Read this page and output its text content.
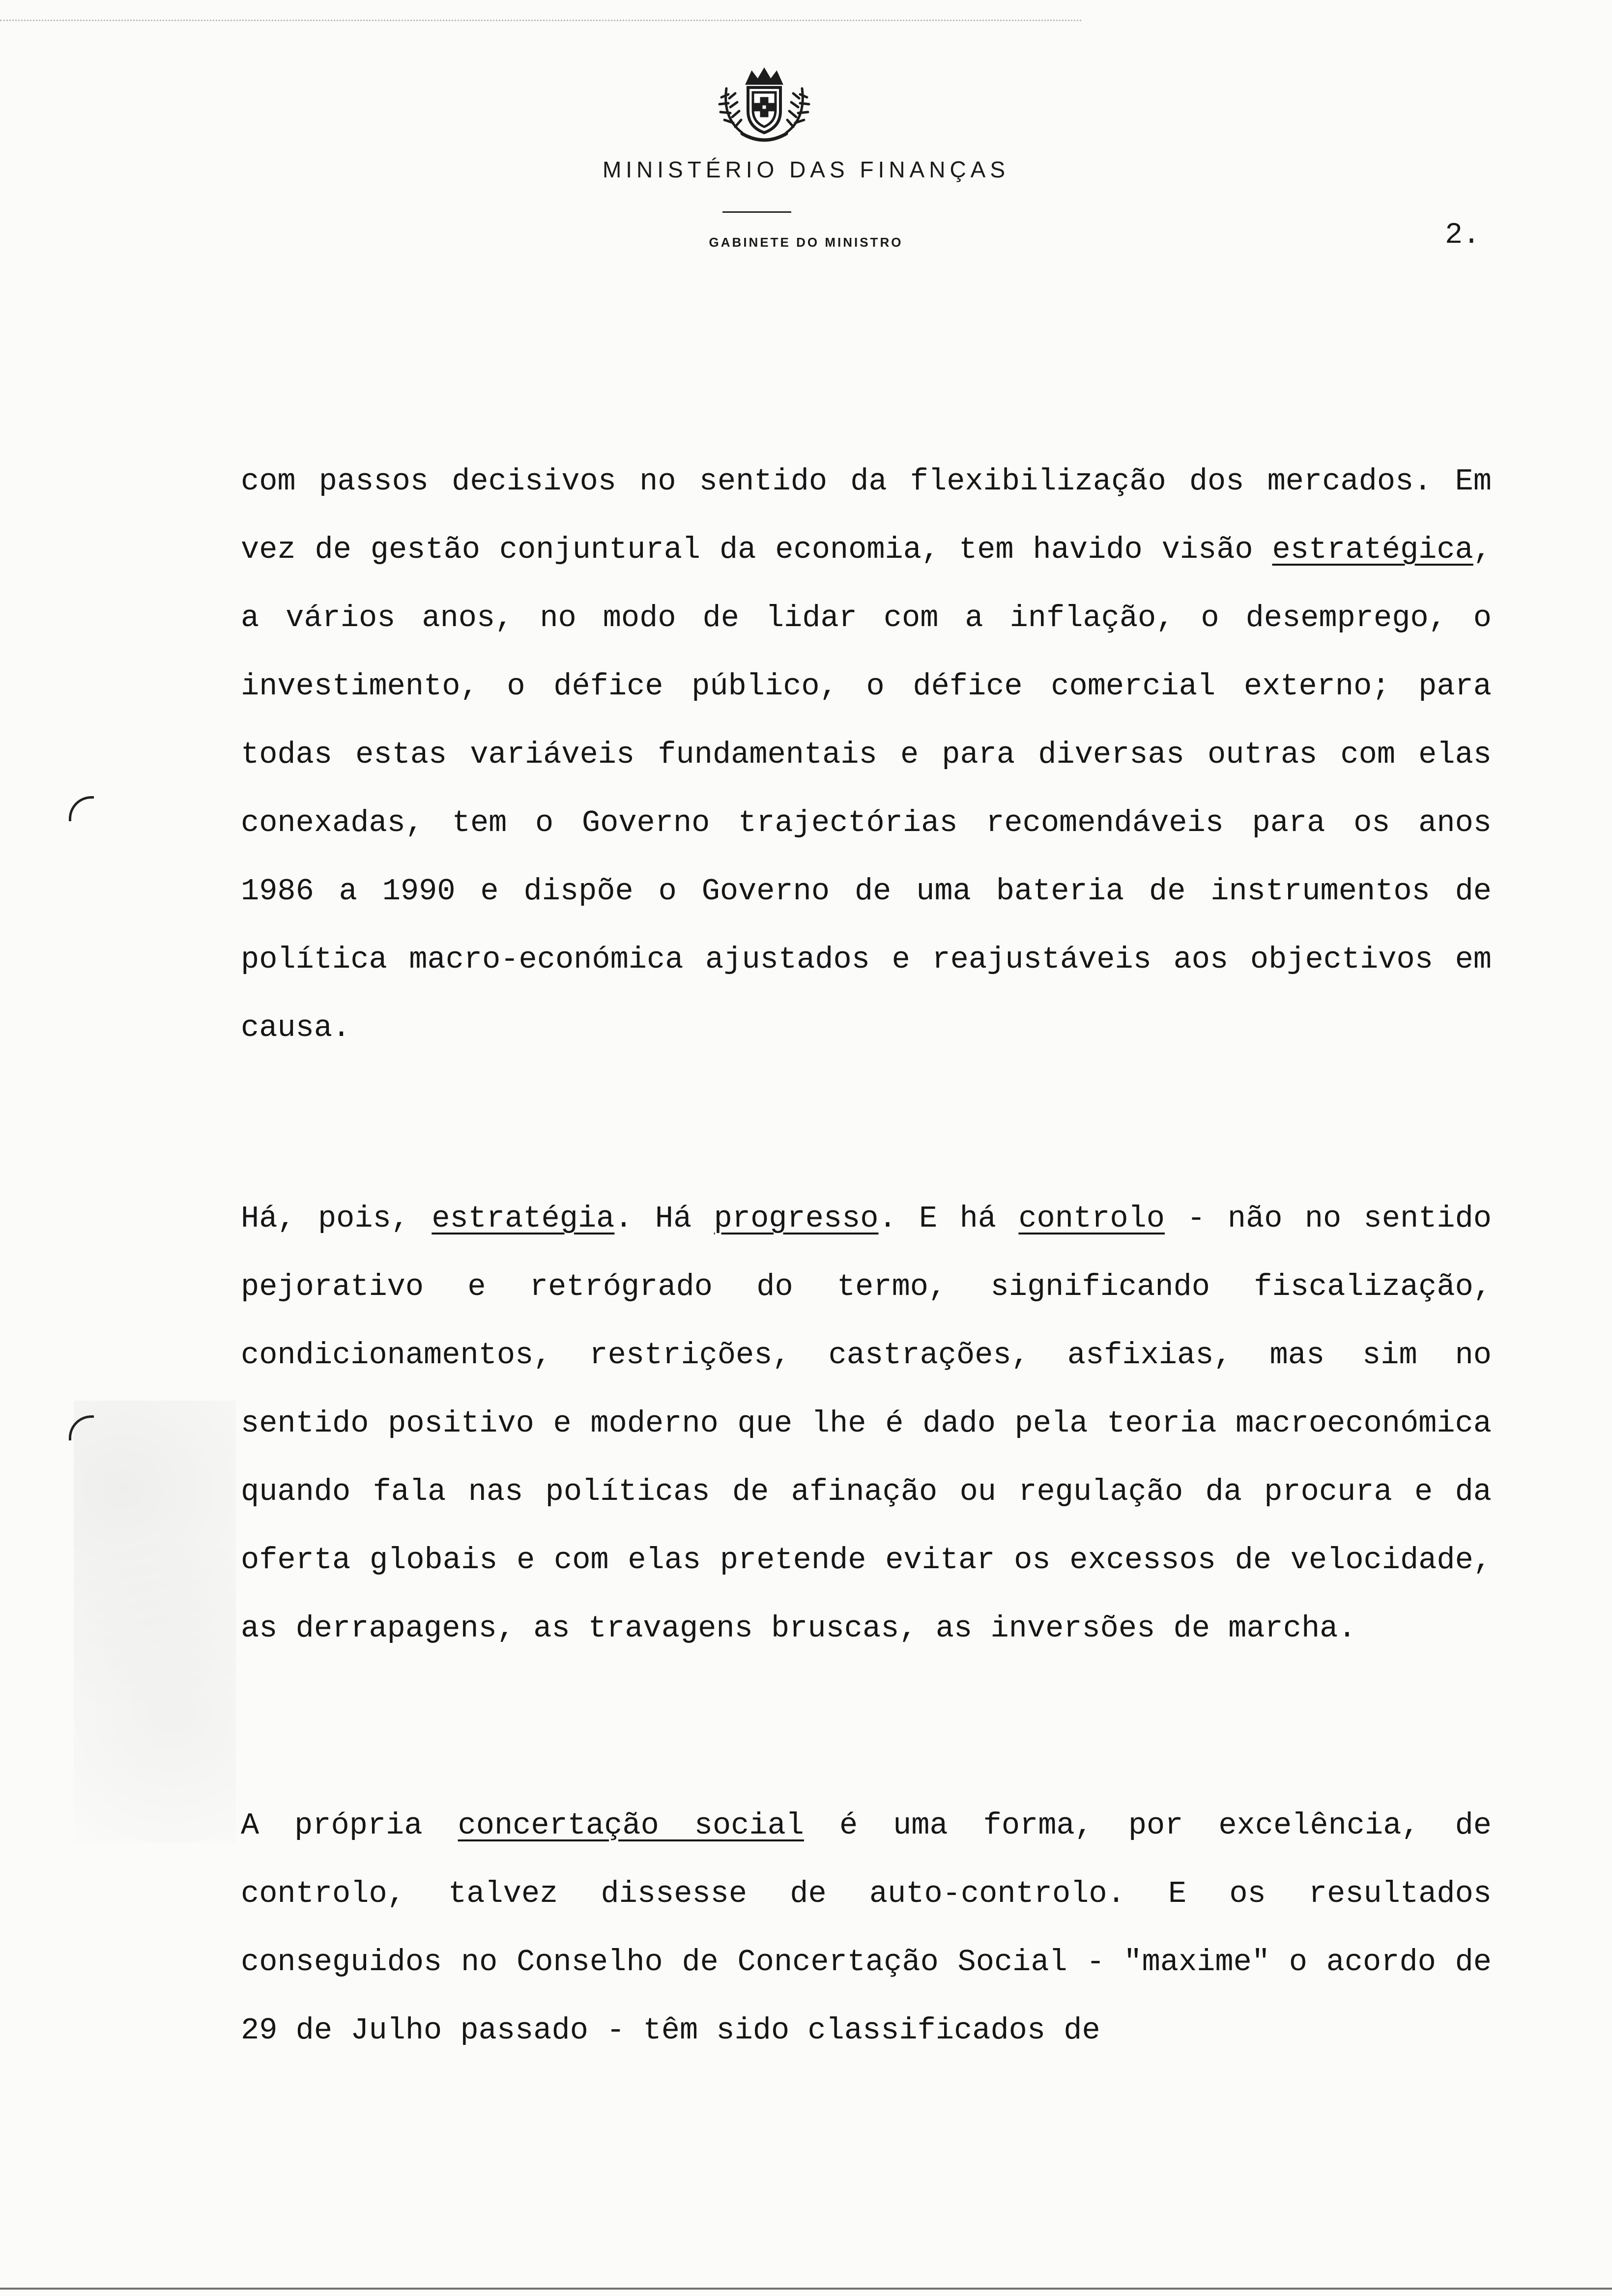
MINISTÉRIO DAS FINANÇAS
GABINETE DO MINISTRO	2.

com passos decisivos no sentido da flexibilização dos mercados. Em vez de gestão conjuntural da economia, tem havido visão estratégica, a vários anos, no modo de lidar com a inflação, o desemprego, o investimento, o défice público, o défice comercial externo; para todas estas variáveis fundamentais e para diversas outras com elas conexadas, tem o Governo trajectórias recomendáveis para os anos 1986 a 1990 e dispõe o Governo de uma bateria de instrumentos de política macro-económica ajustados e reajustáveis aos objectivos em causa.

Há, pois, estratégia. Há progresso. E há controlo - não no sentido pejorativo e retrógrado do termo, significando fiscalização, condicionamentos, restrições, castrações, asfixias, mas sim no sentido positivo e moderno que lhe é dado pela teoria macroeconómica quando fala nas políticas de afinação ou regulação da procura e da oferta globais e com elas pretende evitar os excessos de velocidade, as derrapagens, as travagens bruscas, as inversões de marcha.

A própria concertação social é uma forma, por excelência, de controlo, talvez dissesse de auto-controlo. E os resultados conseguidos no Conselho de Concertação Social - "maxime" o acordo de 29 de Julho passado - têm sido classificados de
